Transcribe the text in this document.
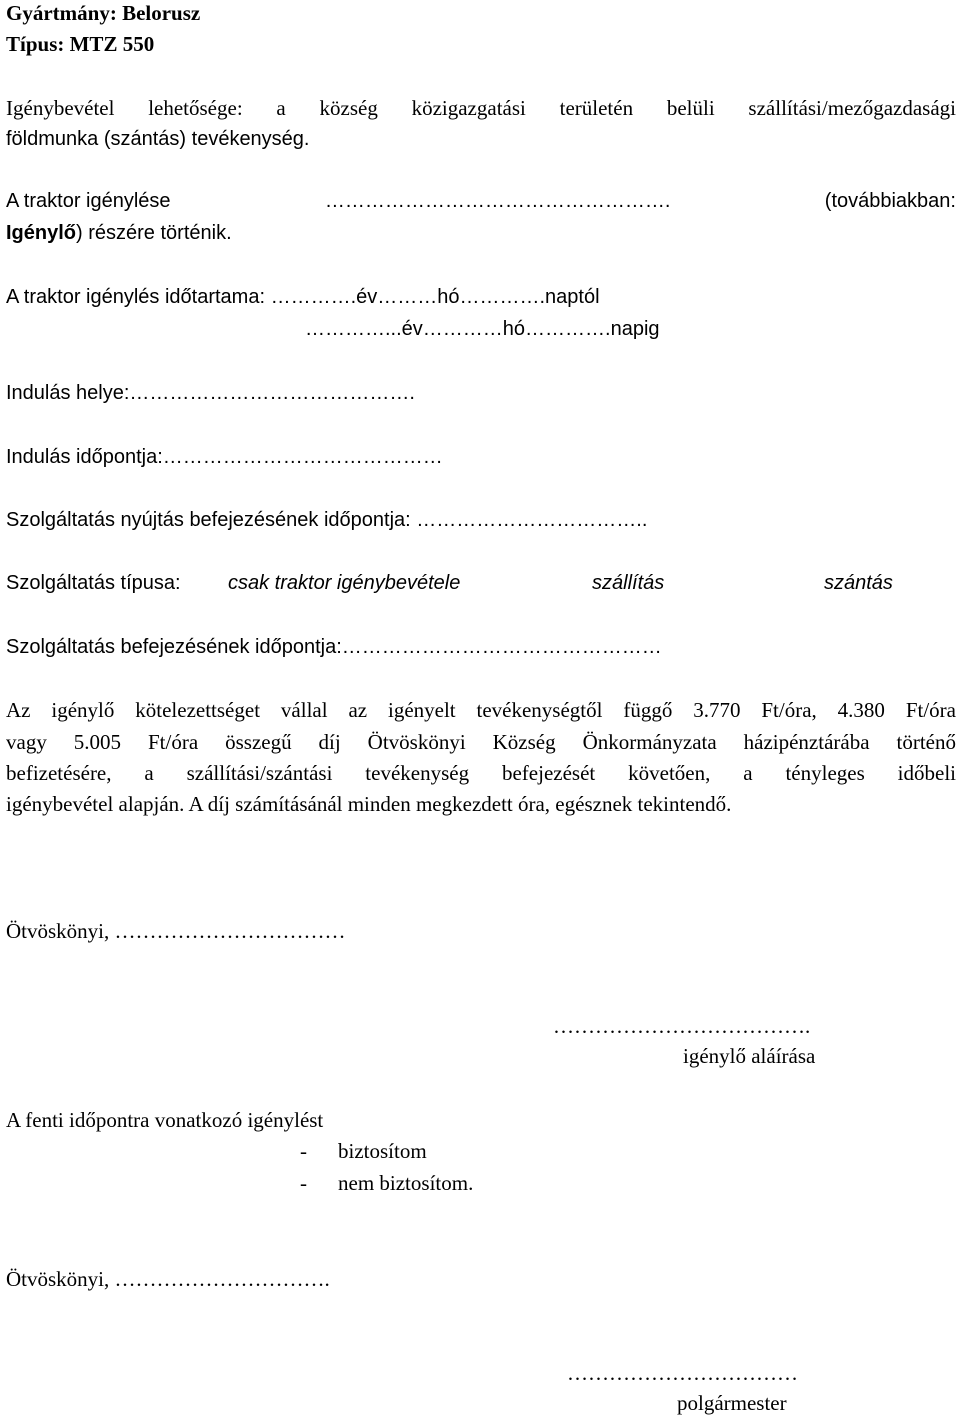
Gyártmány: Belorusz
Típus: MTZ 550
Igénybevétel lehetősége: a község közigazgatási területén belüli szállítási/mezőgazdasági
földmunka (szántás) tevékenység.
A traktor igénylése	…………………………………………….	(továbbiakban:
Igénylő) részére történik.
A traktor igénylés időtartama: ………….év………hó………….naptól
…………...év…………hó………….napig
Indulás helye:…………………………………….
Indulás időpontja:……………………………………
Szolgáltatás nyújtás befejezésének időpontja: ……………………………..
Szolgáltatás típusa: csak traktor igénybevétele	szállítás	szántás
Szolgáltatás befejezésének időpontja:…………………………………………
Az igénylő kötelezettséget vállal az igényelt tevékenységtől függő 3.770 Ft/óra, 4.380 Ft/óra
vagy 5.005 Ft/óra összegű díj Ötvöskönyi Község Önkormányzata házipénztárába történő
befizetésére, a szállítási/szántási tevékenység befejezését követően, a tényleges időbeli
igénybevétel alapján. A díj számításánál minden megkezdett óra, egésznek tekintendő.
Ötvöskönyi, ……………………………
……………………………….
igénylő aláírása
A fenti időpontra vonatkozó igénylést
- biztosítom
- nem biztosítom.
Ötvöskönyi, ………………………….
……………………………
polgármester
